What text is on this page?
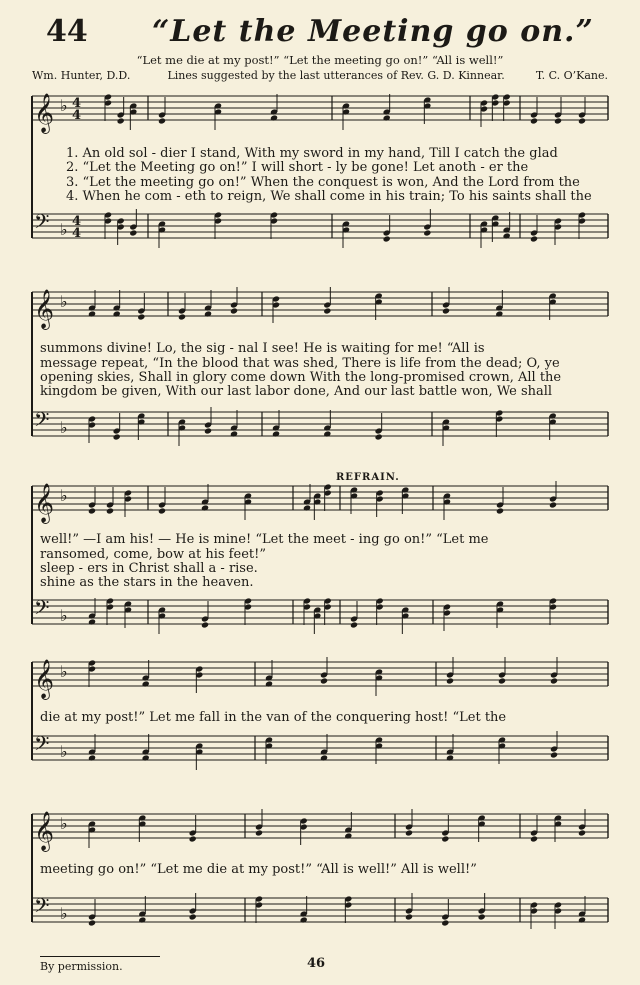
44 “Let the Meeting go on.”
“Let me die at my post!” “Let the meeting go on!” “All is well!”
Wm. Hunter, D.D.	Lines suggested by the last utterances of Rev. G. D. Kinnear.	T. C. O’Kane.
𝄞 ♭ 4
4
𝄢 ♭ 4
4
𝄞 ♭
𝄢 ♭
𝄞 ♭
𝄢 ♭
𝄞 ♭
𝄢 ♭
𝄞 ♭
𝄢 ♭
1. An old sol - dier I stand, With my sword in my hand, Till I catch the glad
2. “Let the Meeting go on!” I will short - ly be gone! Let anoth - er the
3. “Let the meeting go on!” When the conquest is won, And the Lord from the
4. When he com - eth to reign, We shall come in his train; To his saints shall the
summons divine! Lo, the sig - nal I see! He is waiting for me! “All is
message repeat, “In the blood that was shed, There is life from the dead; O, ye
opening skies, Shall in glory come down With the long-promised crown, All the
kingdom be given, With our last labor done, And our last battle won, We shall
REFRAIN.
well!” —I am his! — He is mine! “Let the meet - ing go on!” “Let me
ransomed, come, bow at his feet!”
sleep - ers in Christ shall a - rise.
shine as the stars in the heaven.
die at my post!” Let me fall in the van of the conquering host! “Let the
meeting go on!” “Let me die at my post!” “All is well!” All is well!”
By permission.	46
